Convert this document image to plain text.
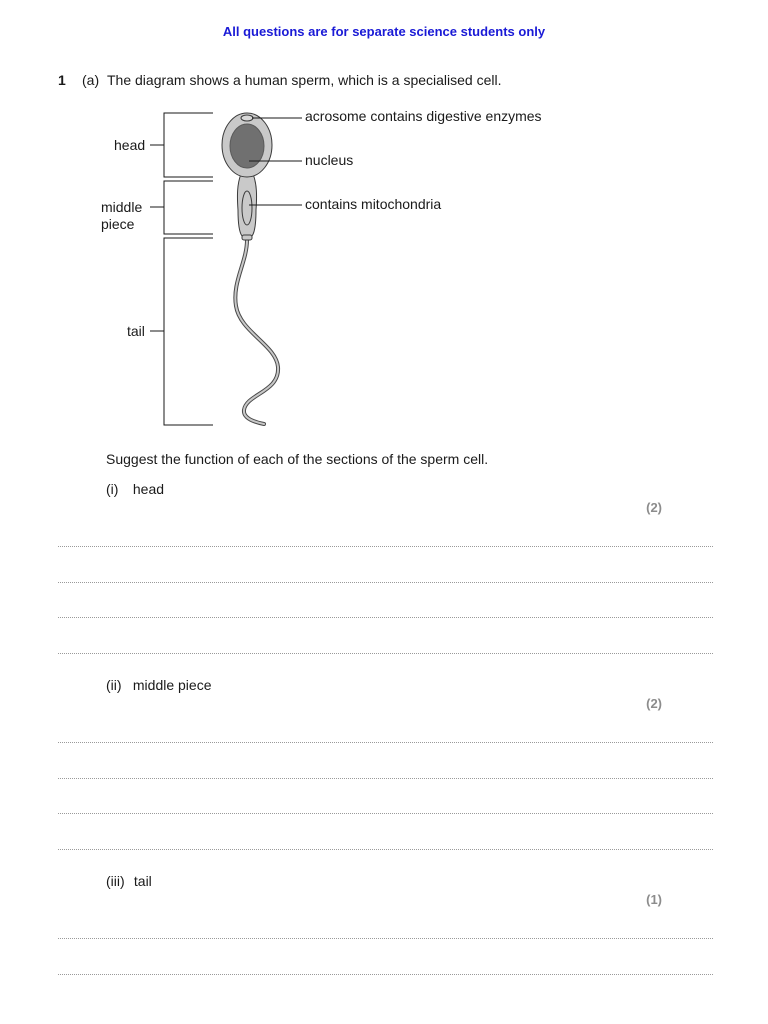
All questions are for separate science students only
1 (a) The diagram shows a human sperm, which is a specialised cell.
head
middle
piece
tail
acrosome contains digestive enzymes
nucleus
contains mitochondria
Suggest the function of each of the sections of the sperm cell.
(i) head
(2)
(ii) middle piece
(2)
(iii) tail
(1)
